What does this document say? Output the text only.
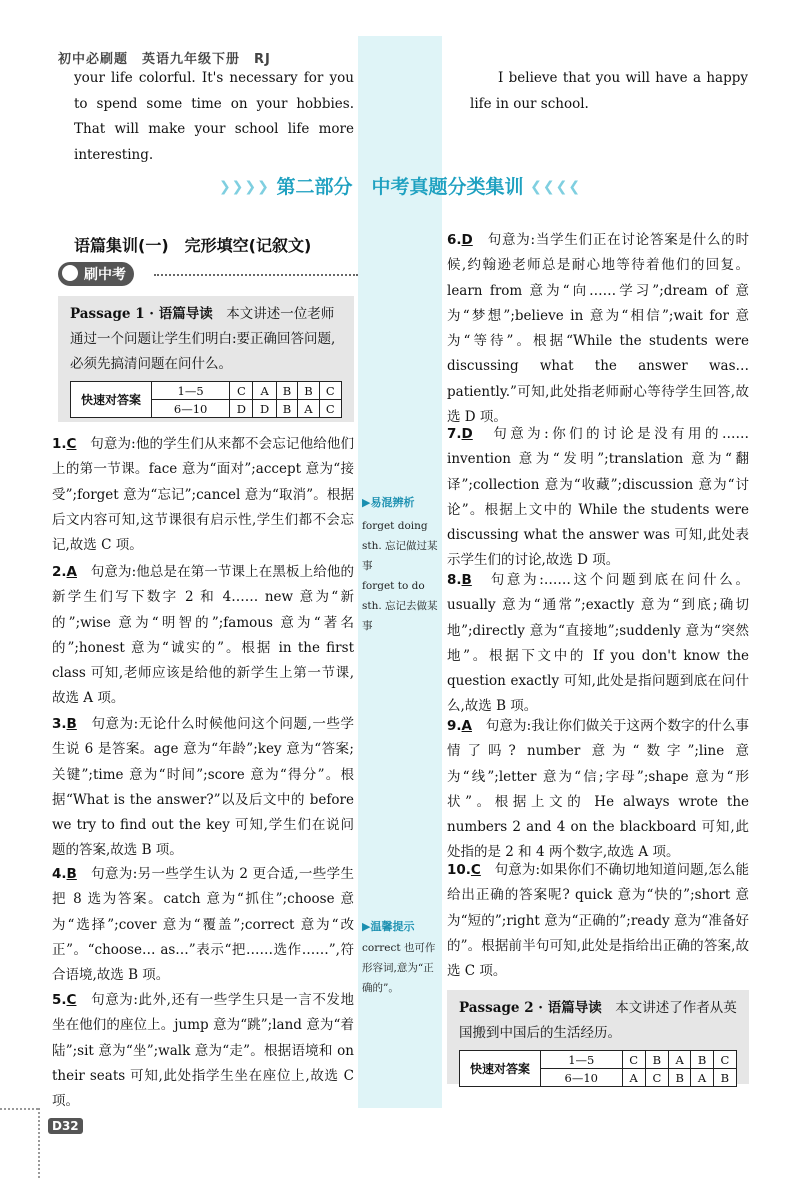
初中必刷题　英语九年级下册　RJ
your life colorful. It's necessary for you to spend some time on your hobbies. That will make your school life more interesting.
I believe that you will have a happy life in our school.
❯❯❯❯ 第二部分　中考真题分类集训 ❮❮❮❮
语篇集训(一)　完形填空(记叙文)
刷中考
Passage 1 · 语篇导读　 本文讲述一位老师通过一个问题让学生们明白:要正确回答问题,必须先搞清问题在问什么。
快速对答案	1—5	C	A	B	B	C
	6—10	D	D	B	A	C
1.C　 句意为:他的学生们从来都不会忘记他给他们上的第一节课。face 意为“面对”;accept 意为“接受”;forget 意为“忘记”;cancel 意为“取消”。根据后文内容可知,这节课很有启示性,学生们都不会忘记,故选 C 项。
2.A　 句意为:他总是在第一节课上在黑板上给他的新学生们写下数字 2 和 4…… new 意为“新的”;wise 意为“明智的”;famous 意为“著名的”;honest 意为“诚实的”。根据 in the first class 可知,老师应该是给他的新学生上第一节课,故选 A 项。
3.B　 句意为:无论什么时候他问这个问题,一些学生说 6 是答案。age 意为“年龄”;key 意为“答案;关键”;time 意为“时间”;score 意为“得分”。根据“What is the answer?”以及后文中的 before we try to find out the key 可知,学生们在说问题的答案,故选 B 项。
4.B　 句意为:另一些学生认为 2 更合适,一些学生把 8 选为答案。catch 意为“抓住”;choose 意为“选择”;cover 意为“覆盖”;correct 意为“改正”。“choose… as…”表示“把……选作……”,符合语境,故选 B 项。
5.C　 句意为:此外,还有一些学生只是一言不发地坐在他们的座位上。jump 意为“跳”;land 意为“着陆”;sit 意为“坐”;walk 意为“走”。根据语境和 on their seats 可知,此处指学生坐在座位上,故选 C 项。
▶易混辨析
forget doing sth. 忘记做过某事
forget to do sth. 忘记去做某事
▶温馨提示
correct 也可作形容词,意为“正确的”。
6.D　 句意为:当学生们正在讨论答案是什么的时候,约翰逊老师总是耐心地等待着他们的回复。learn from 意为“向……学习”;dream of 意为“梦想”;believe in 意为“相信”;wait for 意为“等待”。根据“While the students were discussing what the answer was… patiently.”可知,此处指老师耐心等待学生回答,故选 D 项。
7.D　 句意为:你们的讨论是没有用的…… invention 意为“发明”;translation 意为“翻译”;collection 意为“收藏”;discussion 意为“讨论”。根据上文中的 While the students were discussing what the answer was 可知,此处表示学生们的讨论,故选 D 项。
8.B　 句意为:……这个问题到底在问什么。usually 意为“通常”;exactly 意为“到底;确切地”;directly 意为“直接地”;suddenly 意为“突然地”。根据下文中的 If you don't know the question exactly 可知,此处是指问题到底在问什么,故选 B 项。
9.A　 句意为:我让你们做关于这两个数字的什么事情了吗? number 意为“数字”;line 意为“线”;letter 意为“信;字母”;shape 意为“形状”。根据上文的 He always wrote the numbers 2 and 4 on the blackboard 可知,此处指的是 2 和 4 两个数字,故选 A 项。
10.C　 句意为:如果你们不确切地知道问题,怎么能给出正确的答案呢? quick 意为“快的”;short 意为“短的”;right 意为“正确的”;ready 意为“准备好的”。根据前半句可知,此处是指给出正确的答案,故选 C 项。
Passage 2 · 语篇导读　 本文讲述了作者从英国搬到中国后的生活经历。
快速对答案	1—5	C	B	A	B	C
	6—10	A	C	B	A	B
D32
